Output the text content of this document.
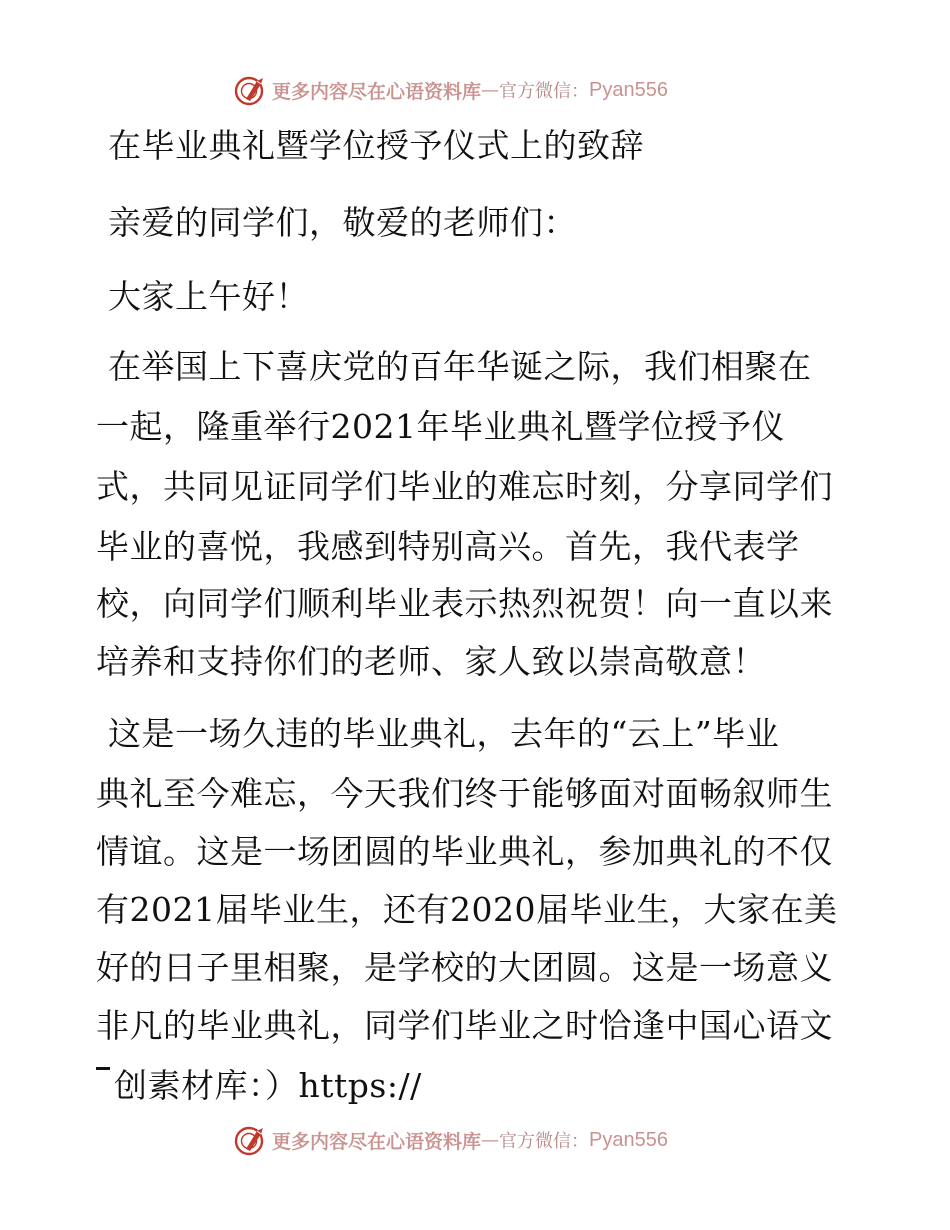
更多内容尽在心语资料库 — 官方微信： Pyan556
在毕业典礼暨学位授予仪式上的致辞
亲爱的同学们，敬爱的老师们：
大家上午好！
在举国上下喜庆党的百年华诞之际，我们相聚在
一起，隆重举行2021年毕业典礼暨学位授予仪
式，共同见证同学们毕业的难忘时刻，分享同学们
毕业的喜悦，我感到特别高兴。首先，我代表学
校，向同学们顺利毕业表示热烈祝贺！向一直以来
培养和支持你们的老师、家人致以崇高敬意！
这是一场久违的毕业典礼，去年的“云上”毕业
典礼至今难忘，今天我们终于能够面对面畅叙师生
情谊。这是一场团圆的毕业典礼，参加典礼的不仅
有2021届毕业生，还有2020届毕业生，大家在美
好的日子里相聚，是学校的大团圆。这是一场意义
非凡的毕业典礼，同学们毕业之时恰逢中国心语文
创素材库：）https://
更多内容尽在心语资料库 — 官方微信： Pyan556
